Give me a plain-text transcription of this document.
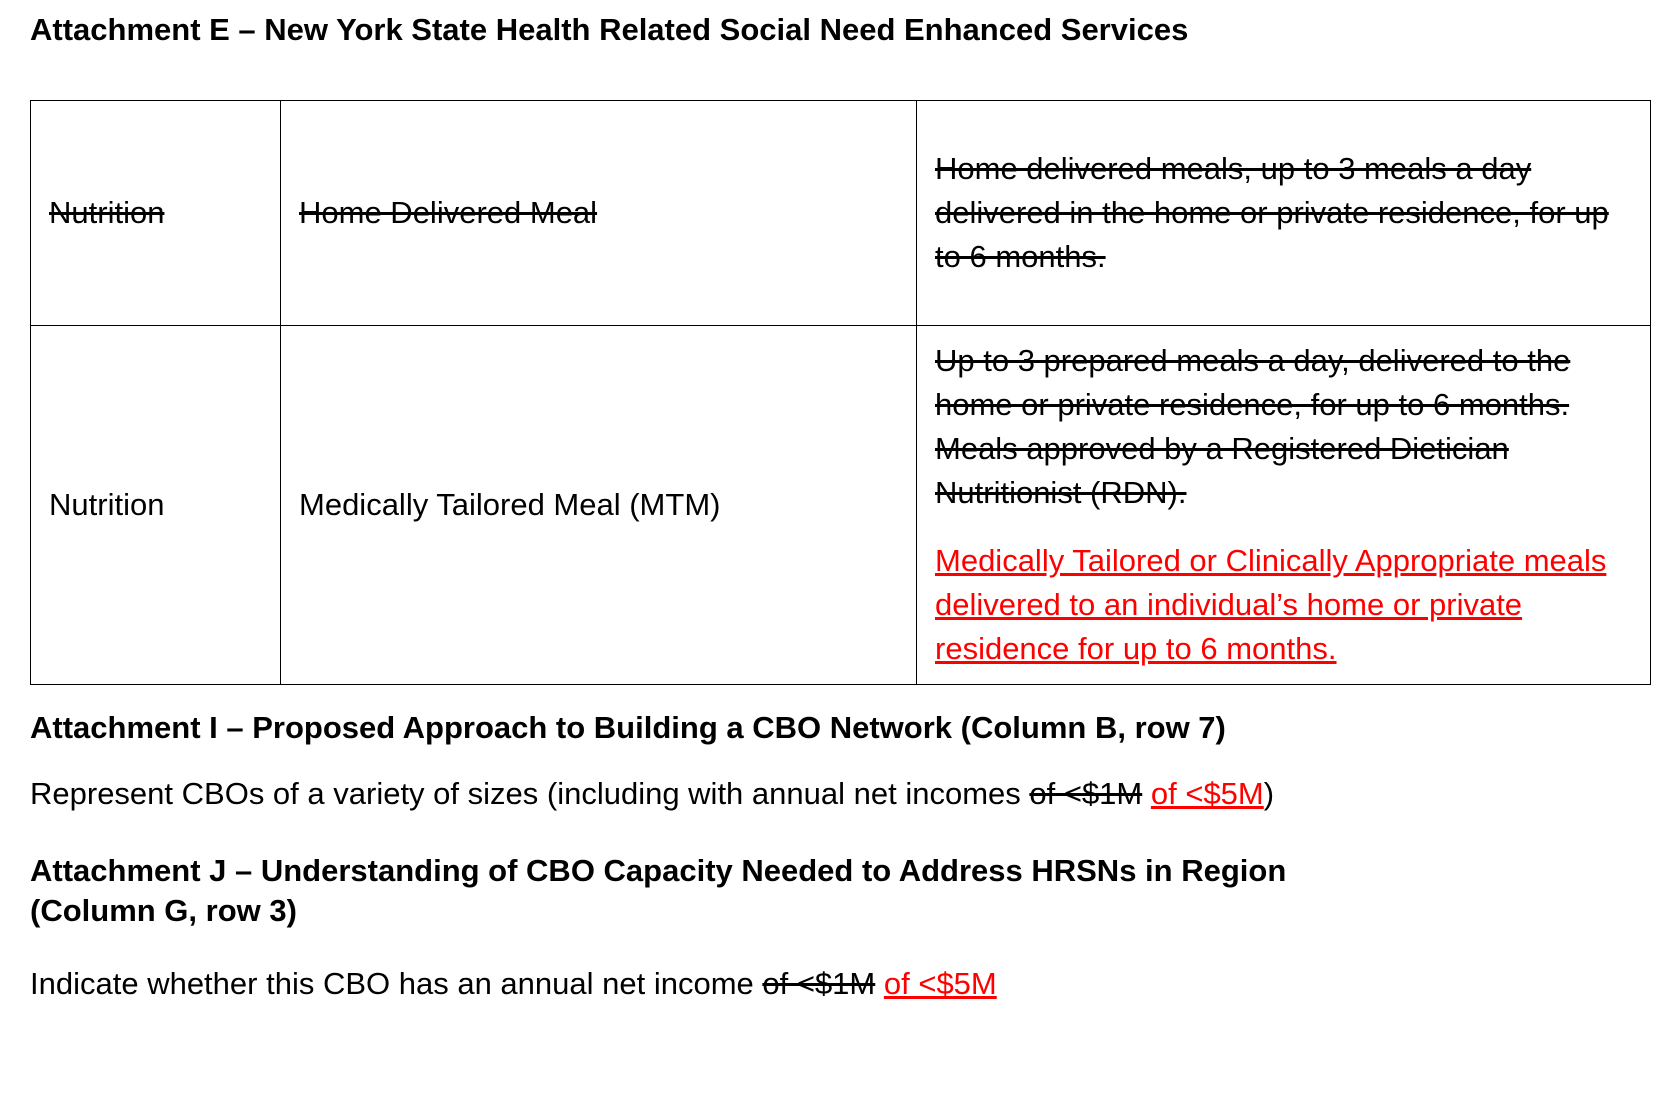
Attachment E – New York State Health Related Social Need Enhanced Services
Nutrition	Home Delivered Meal	Home delivered meals, up to 3 meals a day delivered in the home or private residence, for up to 6 months.

Nutrition	Medically Tailored Meal (MTM)	Up to 3 prepared meals a day, delivered to the home or private residence, for up to 6 months. Meals approved by a Registered Dietician Nutritionist (RDN).
Medically Tailored or Clinically Appropriate meals delivered to an individual’s home or private residence for up to 6 months.
Attachment I – Proposed Approach to Building a CBO Network (Column B, row 7)

Represent CBOs of a variety of sizes (including with annual net incomes of <$1M of <$5M)

Attachment J – Understanding of CBO Capacity Needed to Address HRSNs in Region
(Column G, row 3)

Indicate whether this CBO has an annual net income of <$1M of <$5M
